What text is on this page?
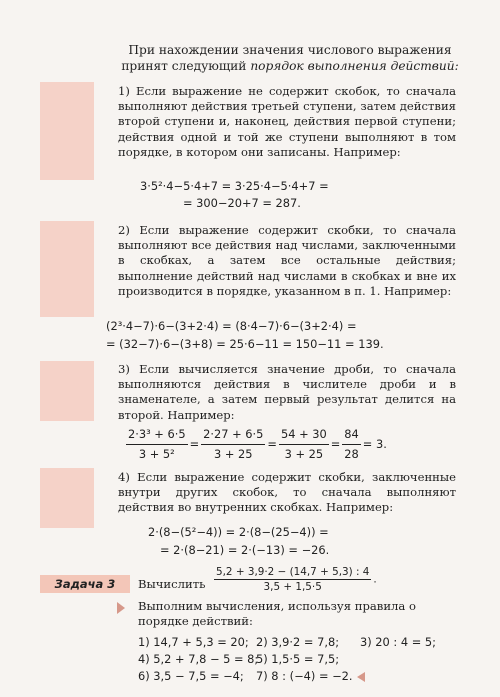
При нахождении значения числового выражения
принят следующий порядок выполнения действий:
1) Если выражение не содержит скобок, то сначала выполняют действия третьей ступени, затем действия второй ступени и, наконец, действия первой ступени; действия одной и той же ступени выполняют в том порядке, в котором они записаны. Например:
3·5²·4−5·4+7 = 3·25·4−5·4+7 =
= 300−20+7 = 287.
2) Если выражение содержит скобки, то сначала выполняют все действия над числами, заключенными в скобках, а затем все остальные действия; выполнение действий над числами в скобках и вне их производится в порядке, указанном в п. 1. Например:
(2³·4−7)·6−(3+2·4) = (8·4−7)·6−(3+2·4) =
= (32−7)·6−(3+8) = 25·6−11 = 150−11 = 139.
3) Если вычисляется значение дроби, то сначала выполняются действия в числителе дроби и в знаменателе, а затем первый результат делится на второй. Например:
$\frac{\text{2·3³ + 6·5}}{\text{3 + 5²}} = \frac{2\cdot 27 + 6\cdot 5}{3 + 25} = \frac{54 + 30}{3 + 25} = \frac{84}{28} = 3$.
4) Если выражение содержит скобки, заключенные внутри других скобок, то сначала выполняют действия во внутренних скобках. Например:
2·(8−(5²−4)) = 2·(8−(25−4)) =
= 2·(8−21) = 2·(−13) = −26.
Задача 3	Вычислить $\frac{5,2 + 3,9\cdot 2 - (14,7 + 5,3) : 4}{3,5 + 1,5\cdot 5}$ .
Выполним вычисления, используя правила о порядке действий:
1) 14,7 + 5,3 = 20; 2) 3,9·2 = 7,8; 3) 20 : 4 = 5;
4) 5,2 + 7,8 − 5 = 8;5) 1,5·5 = 7,5;
6) 3,5 − 7,5 = −4; 7) 8 : (−4) = −2.
